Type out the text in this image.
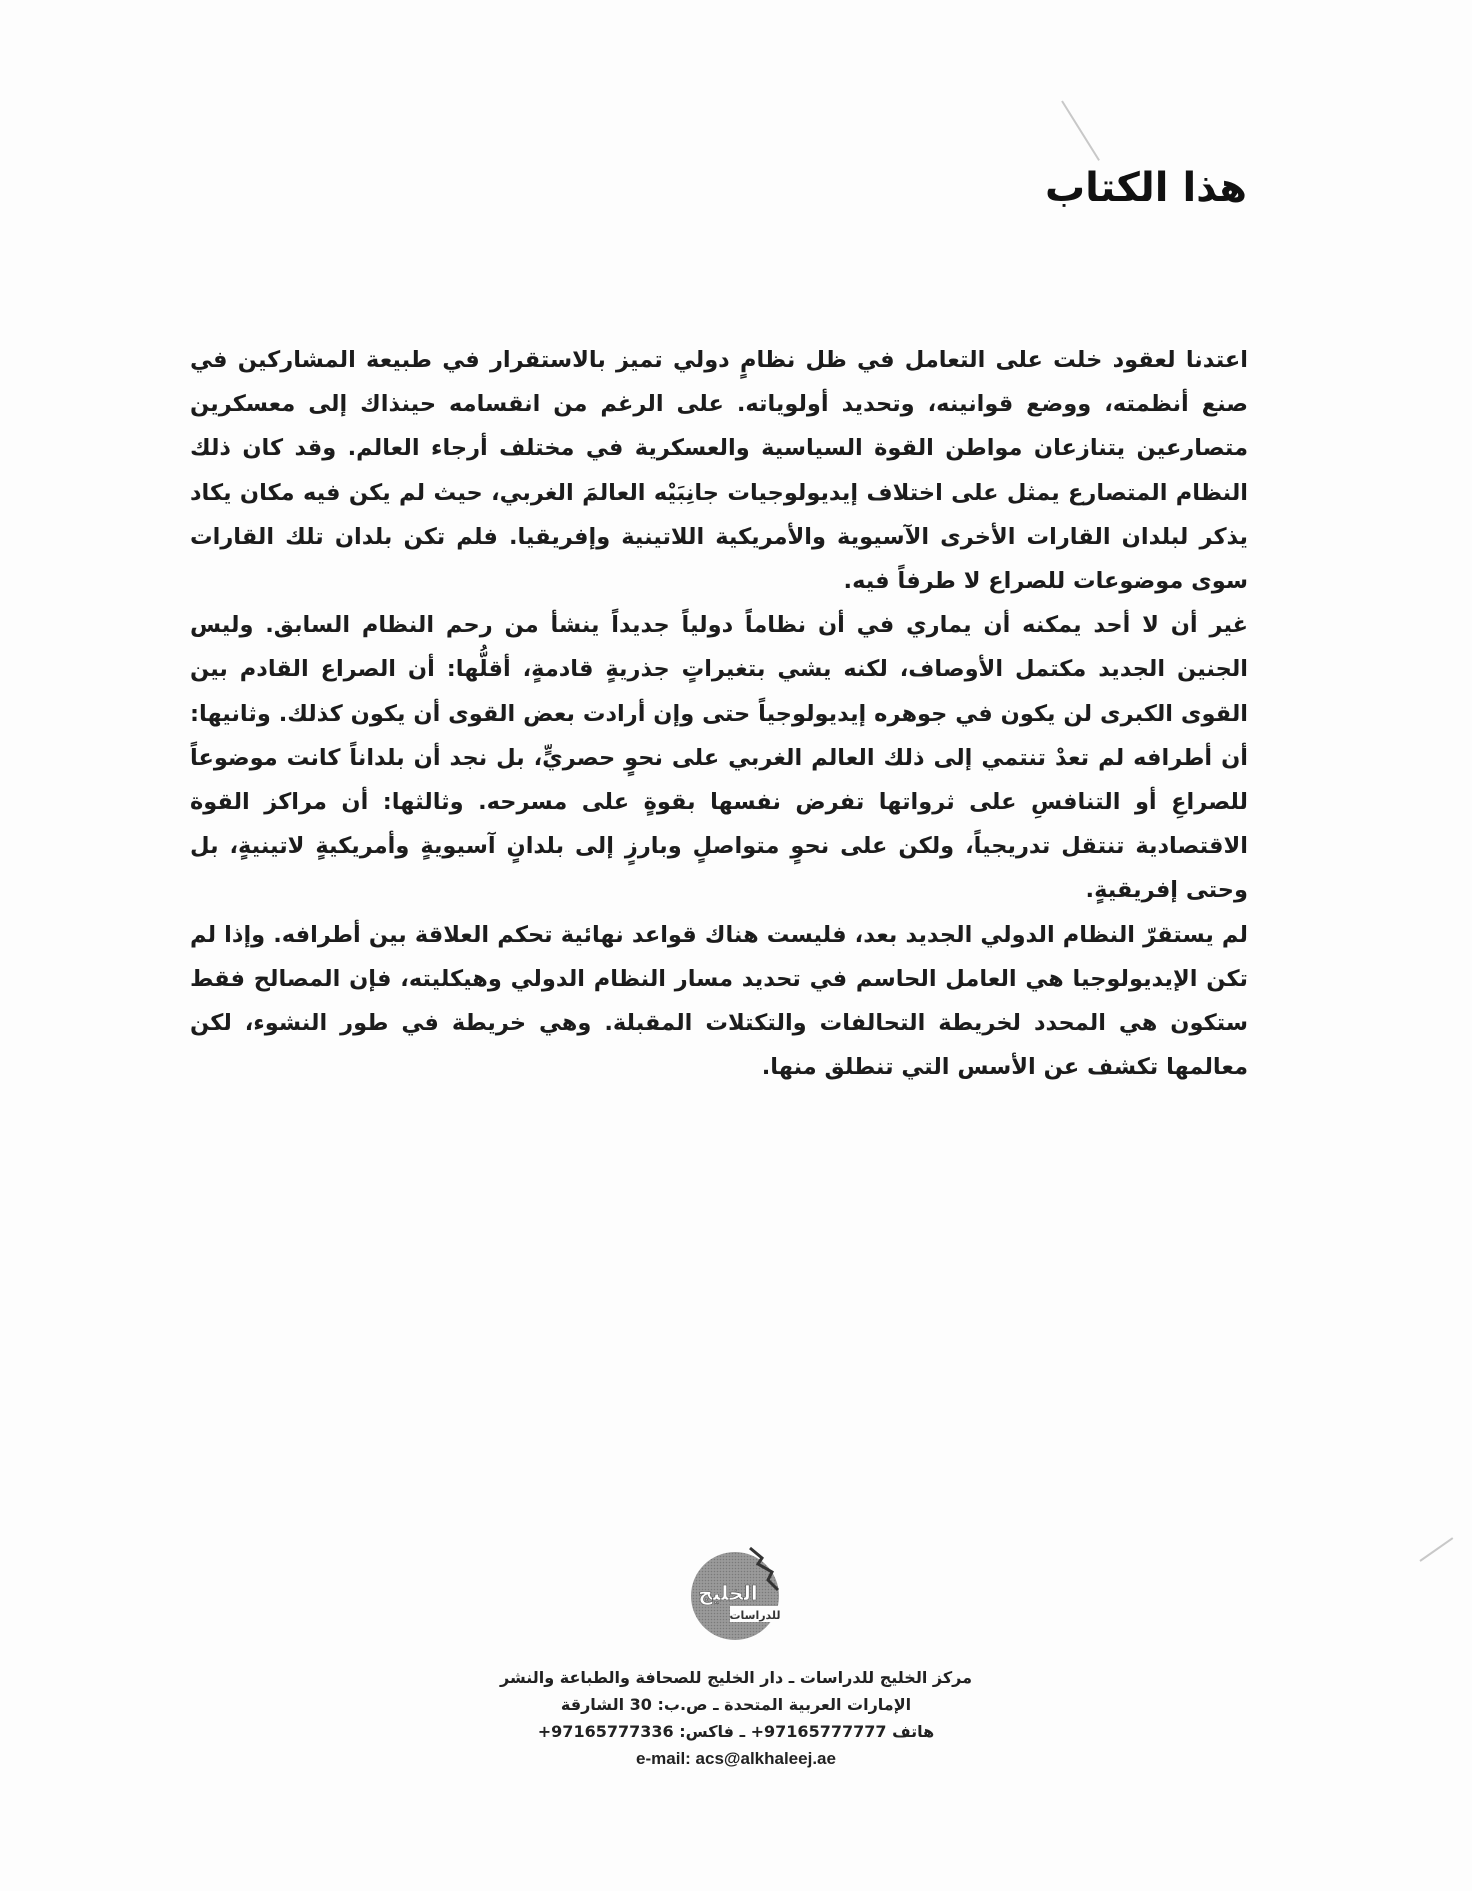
هذا الكتاب

اعتدنا لعقود خلت على التعامل في ظل نظامٍ دولي تميز بالاستقرار في طبيعة المشاركين في صنع أنظمته، ووضع قوانينه، وتحديد أولوياته. على الرغم من انقسامه حينذاك إلى معسكرين متصارعين يتنازعان مواطن القوة السياسية والعسكرية في مختلف أرجاء العالم. وقد كان ذلك النظام المتصارع يمثل على اختلاف إيديولوجيات جانِبَيْه العالمَ الغربي، حيث لم يكن فيه مكان يكاد يذكر لبلدان القارات الأخرى الآسيوية والأمريكية اللاتينية وإفريقيا. فلم تكن بلدان تلك القارات سوى موضوعات للصراع لا طرفاً فيه.

غير أن لا أحد يمكنه أن يماري في أن نظاماً دولياً جديداً ينشأ من رحم النظام السابق. وليس الجنين الجديد مكتمل الأوصاف، لكنه يشي بتغيراتٍ جذريةٍ قادمةٍ، أقلُّها: أن الصراع القادم بين القوى الكبرى لن يكون في جوهره إيديولوجياً حتى وإن أرادت بعض القوى أن يكون كذلك. وثانيها: أن أطرافه لم تعدْ تنتمي إلى ذلك العالم الغربي على نحوٍ حصريٍّ، بل نجد أن بلداناً كانت موضوعاً للصراعِ أو التنافسِ على ثرواتها تفرض نفسها بقوةٍ على مسرحه. وثالثها: أن مراكز القوة الاقتصادية تنتقل تدريجياً، ولكن على نحوٍ متواصلٍ وبارزٍ إلى بلدانٍ آسيويةٍ وأمريكيةٍ لاتينيةٍ، بل وحتى إفريقيةٍ.

لم يستقرّ النظام الدولي الجديد بعد، فليست هناك قواعد نهائية تحكم العلاقة بين أطرافه. وإذا لم تكن الإيديولوجيا هي العامل الحاسم في تحديد مسار النظام الدولي وهيكليته، فإن المصالح فقط ستكون هي المحدد لخريطة التحالفات والتكتلات المقبلة. وهي خريطة في طور النشوء، لكن معالمها تكشف عن الأسس التي تنطلق منها.

الخليج
للدراسات
مركز الخليج للدراسات ـ دار الخليج للصحافة والطباعة والنشر
الإمارات العربية المتحدة ـ ص.ب: 30 الشارقة
هاتف 97165777777+ ـ فاكس: 97165777336+
e-mail: acs@alkhaleej.ae
